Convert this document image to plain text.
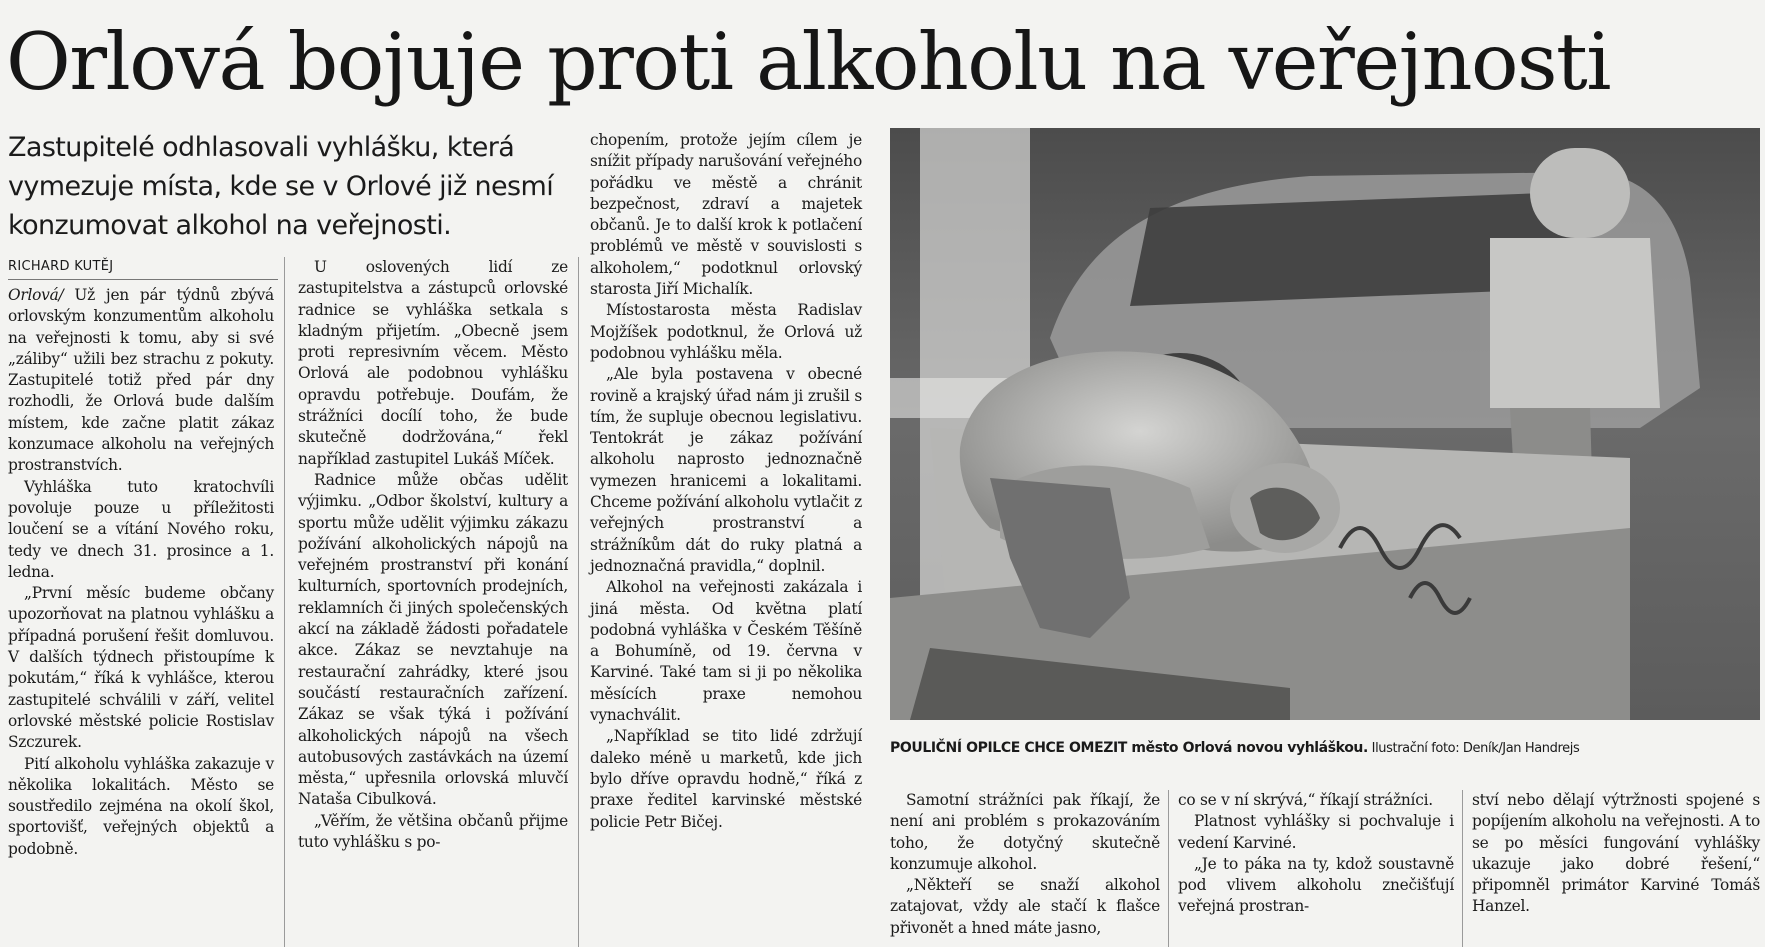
Orlová bojuje proti alkoholu na veřejnosti

Zastupitelé odhlasovali vyhlášku, která vymezuje místa, kde se v Orlové již nesmí konzumovat alkohol na veřejnosti.

RICHARD KUTĚJ

Orlová/ Už jen pár týdnů zbývá orlovským konzumentům alkoholu na veřejnosti k tomu, aby si své „záliby“ užili bez strachu z pokuty. Zastupitelé totiž před pár dny rozhodli, že Orlová bude dalším místem, kde začne platit zákaz konzumace alkoholu na veřejných prostranstvích.

Vyhláška tuto kratochvíli povoluje pouze u příležitosti loučení se a vítání Nového roku, tedy ve dnech 31. prosince a 1. ledna.

„První měsíc budeme občany upozorňovat na platnou vyhlášku a případná porušení řešit domluvou. V dalších týdnech přistoupíme k pokutám,“ říká k vyhlášce, kterou zastupitelé schválili v září, velitel orlovské městské policie Rostislav Szczurek.

Pití alkoholu vyhláška zakazuje v několika lokalitách. Město se soustředilo zejména na okolí škol, sportovišť, veřejných objektů a podobně.

U oslovených lidí ze zastupitelstva a zástupců orlovské radnice se vyhláška setkala s kladným přijetím. „Obecně jsem proti represivním věcem. Město Orlová ale podobnou vyhlášku opravdu potřebuje. Doufám, že strážníci docílí toho, že bude skutečně dodržována,“ řekl například zastupitel Lukáš Míček.

Radnice může občas udělit výjimku. „Odbor školství, kultury a sportu může udělit výjimku zákazu požívání alkoholických nápojů na veřejném prostranství při konání kulturních, sportovních prodejních, reklamních či jiných společenských akcí na základě žádosti pořadatele akce. Zákaz se nevztahuje na restaurační zahrádky, které jsou součástí restauračních zařízení. Zákaz se však týká i požívání alkoholických nápojů na všech autobusových zastávkách na území města,“ upřesnila orlovská mluvčí Nataša Cibulková.

„Věřím, že většina občanů přijme tuto vyhlášku s po-

chopením, protože jejím cílem je snížit případy narušování veřejného pořádku ve městě a chránit bezpečnost, zdraví a majetek občanů. Je to další krok k potlačení problémů ve městě v souvislosti s alkoholem,“ podotknul orlovský starosta Jiří Michalík.

Místostarosta města Radislav Mojžíšek podotknul, že Orlová už podobnou vyhlášku měla.

„Ale byla postavena v obecné rovině a krajský úřad nám ji zrušil s tím, že supluje obecnou legislativu. Tentokrát je zákaz požívání alkoholu naprosto jednoznačně vymezen hranicemi a lokalitami. Chceme požívání alkoholu vytlačit z veřejných prostranství a strážníkům dát do ruky platná a jednoznačná pravidla,“ doplnil.

Alkohol na veřejnosti zakázala i jiná města. Od května platí podobná vyhláška v Českém Těšíně a Bohumíně, od 19. června v Karviné. Také tam si ji po několika měsících praxe nemohou vynachválit.

„Například se tito lidé zdržují daleko méně u marketů, kde jich bylo dříve opravdu hodně,“ říká z praxe ředitel karvinské městské policie Petr Bičej.

POULIČNÍ OPILCE CHCE OMEZIT město Orlová novou vyhláškou. Ilustrační foto: Deník/Jan Handrejs

Samotní strážníci pak říkají, že není ani problém s prokazováním toho, že dotyčný skutečně konzumuje alkohol.

„Někteří se snaží alkohol zatajovat, vždy ale stačí k flašce přivonět a hned máte jasno,

co se v ní skrývá,“ říkají strážníci.

Platnost vyhlášky si pochvaluje i vedení Karviné.

„Je to páka na ty, kdož soustavně pod vlivem alkoholu znečišťují veřejná prostran-

ství nebo dělají výtržnosti spojené s popíjením alkoholu na veřejnosti. A to se po měsíci fungování vyhlášky ukazuje jako dobré řešení,“ připomněl primátor Karviné Tomáš Hanzel.
